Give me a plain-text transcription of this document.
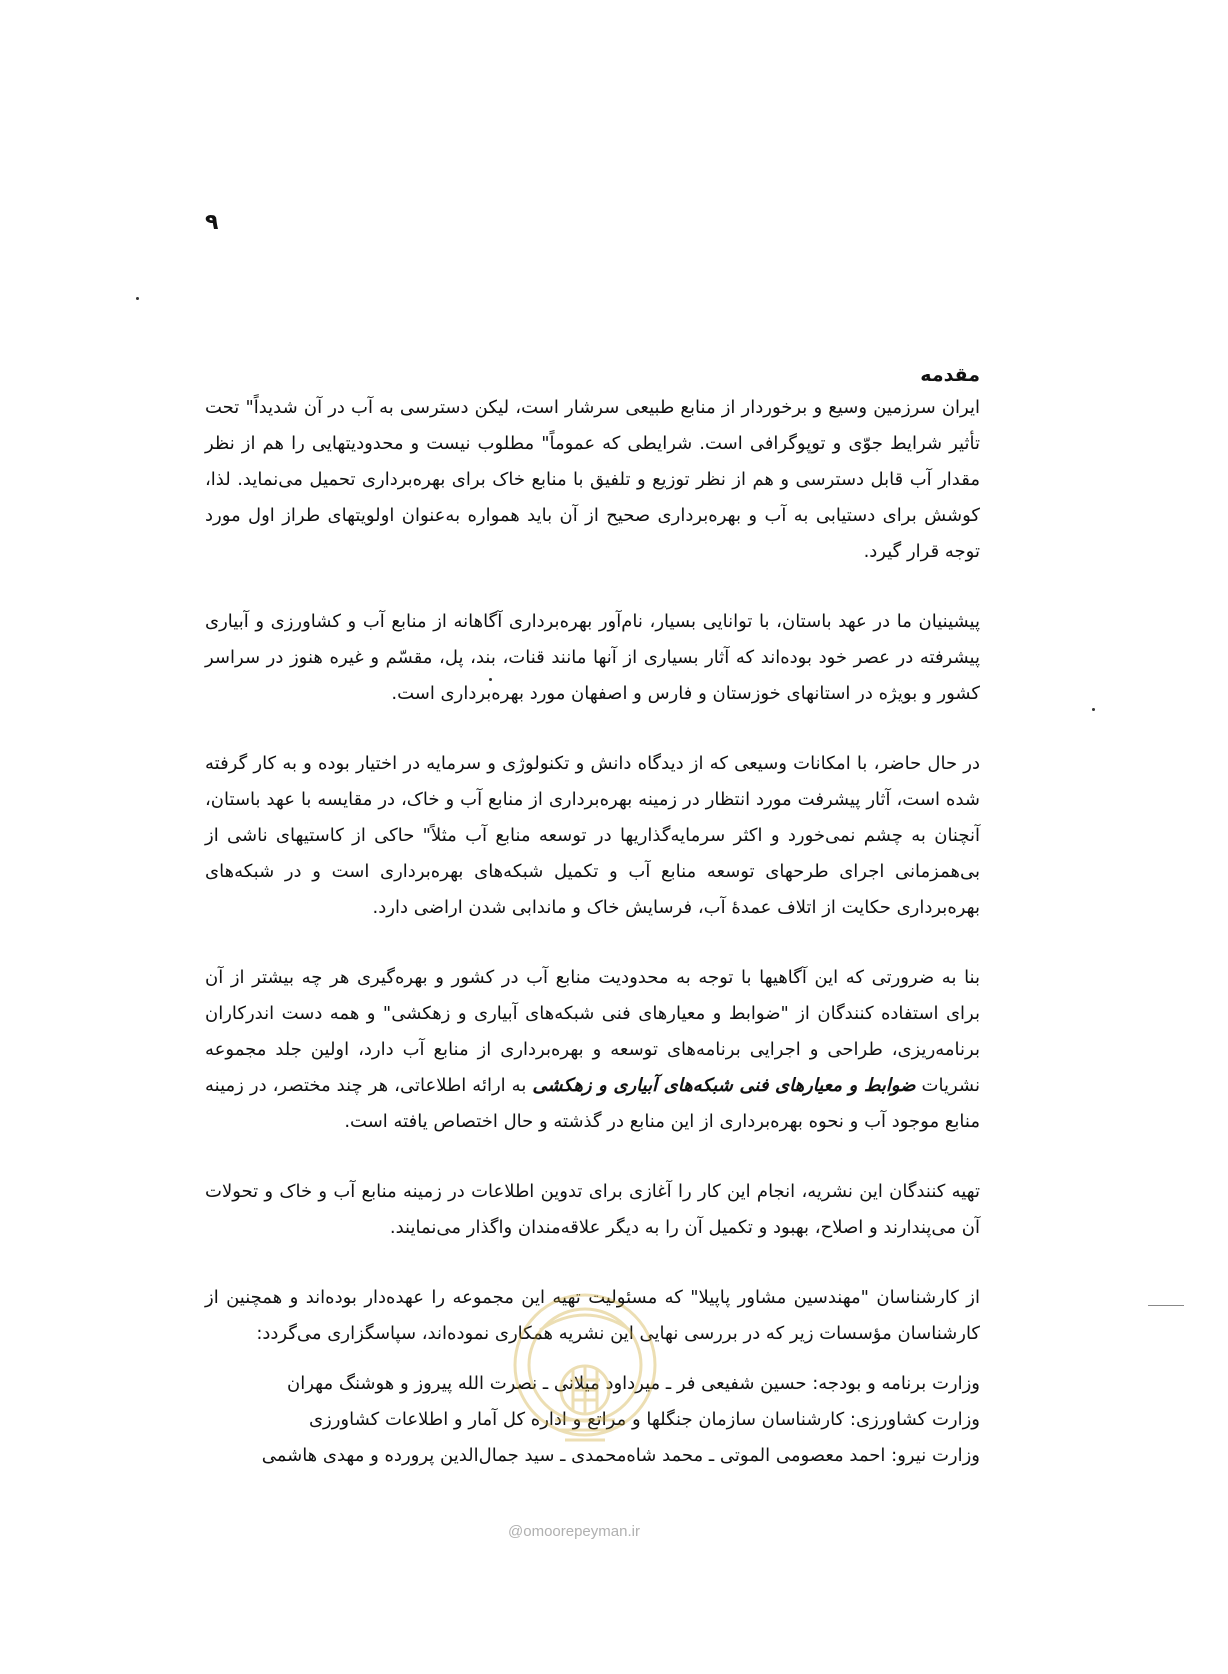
۹
مقدمه

ایران سرزمین وسیع و برخوردار از منابع طبیعی سرشار است، لیکن دسترسی به آب در آن شدیداً" تحت تأثیر شرایط جوّی و توپوگرافی است. شرایطی که عموماً" مطلوب نیست و محدودیتهایی را هم از نظر مقدار آب قابل دسترسی و هم از نظر توزیع و تلفیق با منابع خاک برای بهره‌برداری تحمیل می‌نماید. لذا، کوشش برای دستیابی به آب و بهره‌برداری صحیح از آن باید همواره به‌عنوان اولویتهای طراز اول مورد توجه قرار گیرد.

پیشینیان ما در عهد باستان، با توانایی بسیار، نام‌آور بهره‌برداری آگاهانه از منابع آب و کشاورزی و آبیاری پیشرفته در عصر خود بوده‌اند که آثار بسیاری از آنها مانند قنات، بند، پل، مقسّم و غیره هنوز در سراسر کشور و بویژه در استانهای خوزستان و فارس و اصفهان مورد بهره‌برداری است.

در حال حاضر، با امکانات وسیعی که از دیدگاه دانش و تکنولوژی و سرمایه در اختیار بوده و به کار گرفته شده است، آثار پیشرفت مورد انتظار در زمینه بهره‌برداری از منابع آب و خاک، در مقایسه با عهد باستان، آنچنان به چشم نمی‌خورد و اکثر سرمایه‌گذاریها در توسعه منابع آب مثلاً" حاکی از کاستیهای ناشی از بی‌همزمانی اجرای طرحهای توسعه منابع آب و تکمیل شبکه‌های بهره‌برداری است و در شبکه‌های بهره‌برداری حکایت از اتلاف عمده‌ٔ آب، فرسایش خاک و ماندابی شدن اراضی دارد.

بنا به ضرورتی که این آگاهیها با توجه به محدودیت منابع آب در کشور و بهره‌گیری هر چه بیشتر از آن برای استفاده کنندگان از "ضوابط و معیارهای فنی شبکه‌های آبیاری و زهکشی" و همه دست اندرکاران برنامه‌ریزی، طراحی و اجرایی برنامه‌های توسعه و بهره‌برداری از منابع آب دارد، اولین جلد مجموعه نشریات ضوابط و معیارهای فنی شبکه‌های آبیاری و زهکشی به ارائه اطلاعاتی، هر چند مختصر، در زمینه منابع موجود آب و نحوه بهره‌برداری از این منابع در گذشته و حال اختصاص یافته است.

تهیه کنندگان این نشریه، انجام این کار را آغازی برای تدوین اطلاعات در زمینه منابع آب و خاک و تحولات آن می‌پندارند و اصلاح، بهبود و تکمیل آن را به دیگر علاقه‌مندان واگذار می‌نمایند.

از کارشناسان "مهندسین مشاور پاپیلا" که مسئولیت تهیه این مجموعه را عهده‌دار بوده‌اند و همچنین از کارشناسان مؤسسات زیر که در بررسی نهایی این نشریه همکاری نموده‌اند، سپاسگزاری می‌گردد:

وزارت برنامه و بودجه: حسین شفیعی فر ـ میرداود میلانی ـ نصرت الله پیروز و هوشنگ مهران
وزارت کشاورزی: کارشناسان سازمان جنگلها و مراتع و اداره کل آمار و اطلاعات کشاورزی
وزارت نیرو: احمد معصومی الموتی ـ محمد شاه‌محمدی ـ سید جمال‌الدین پرورده و مهدی هاشمی
@omoorepeyman.ir
